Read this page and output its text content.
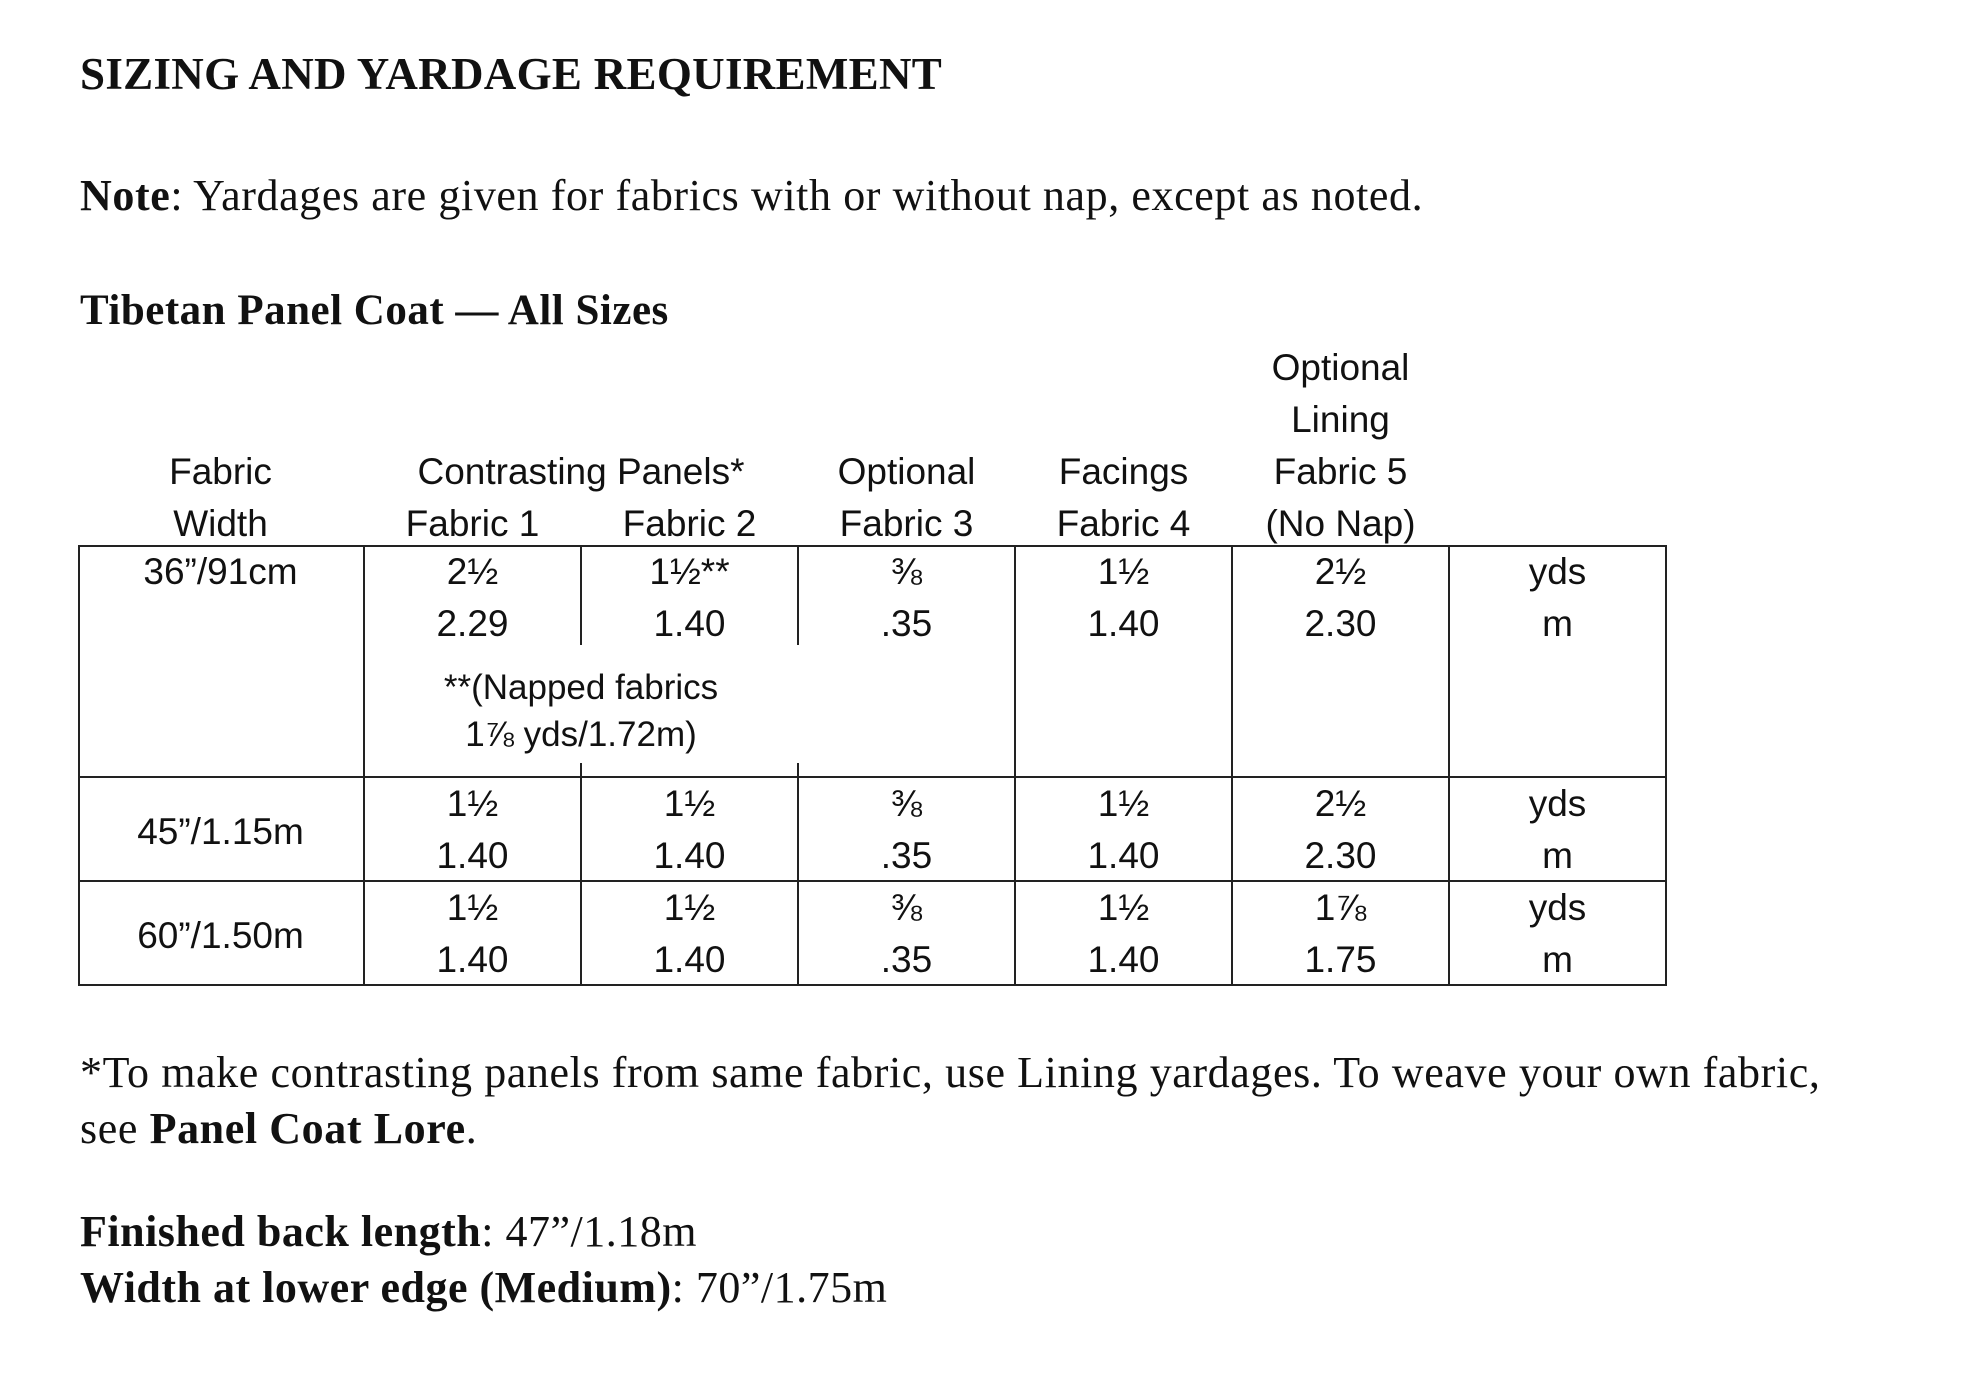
SIZING AND YARDAGE REQUIREMENT
Note: Yardages are given for fabrics with or without nap, except as noted.
Tibetan Panel Coat — All Sizes
Fabric
Width
Contrasting Panels*
Fabric 1	Fabric 2
Optional
Fabric 3
Facings
Fabric 4
Optional
Lining
Fabric 5
(No Nap)
36”/91cm	2½
2.29
1½**
1.40
⅜
.35
1½
1.40
2½
2.30
yds
m
**(Napped fabrics
1⅞ yds/1.72m)
45”/1.15m
1½
1.40
1½
1.40
⅜
.35
1½
1.40
2½
2.30
yds
m
60”/1.50m
1½
1.40
1½
1.40
⅜
.35
1½
1.40
1⅞
1.75
yds
m
*To make contrasting panels from same fabric, use Lining yardages. To weave your own fabric,
see Panel Coat Lore.
Finished back length: 47”/1.18m
Width at lower edge (Medium): 70”/1.75m
